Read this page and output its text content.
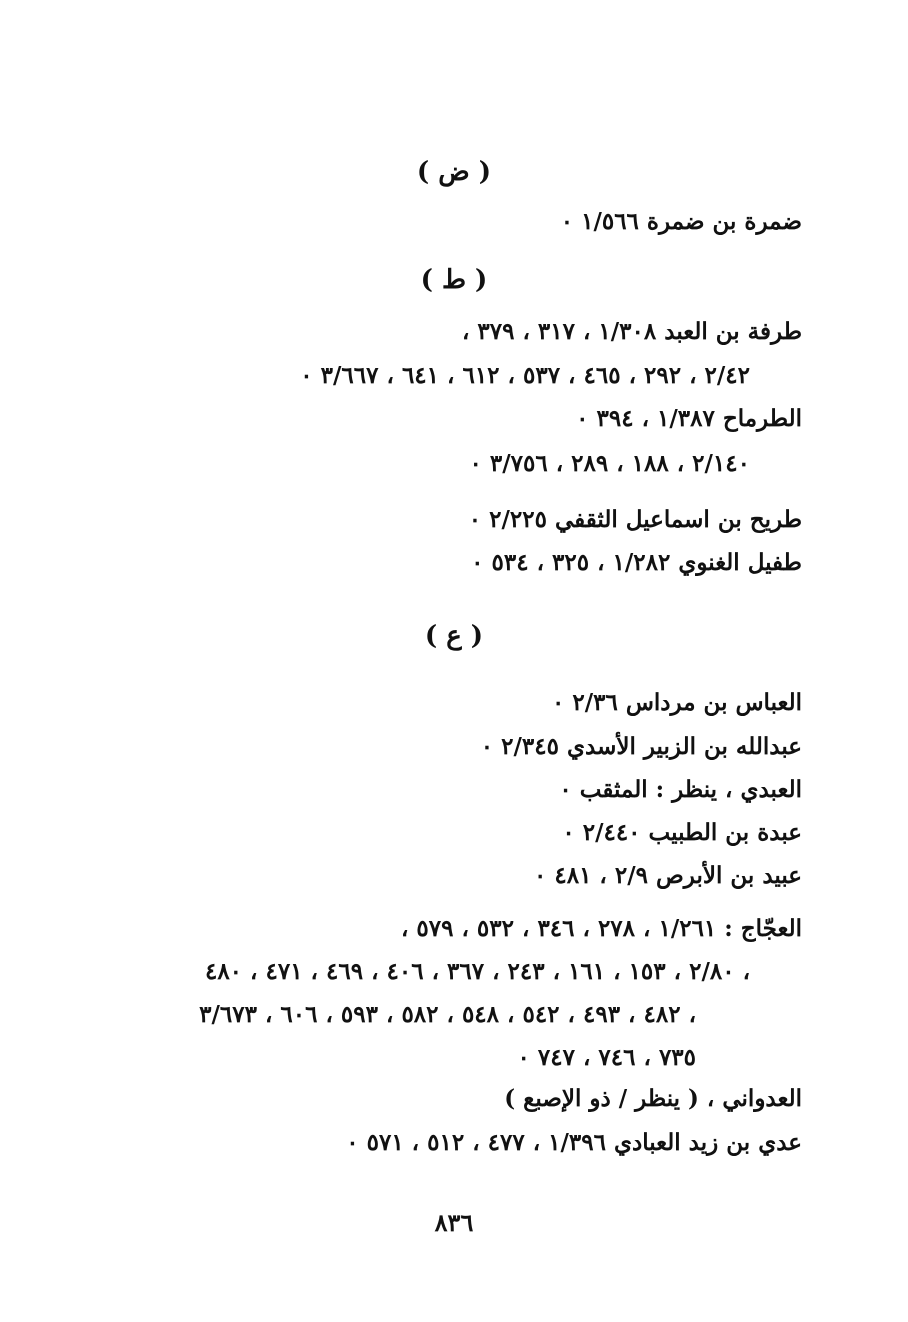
( ض )
ضمرة بن ضمرة ١/٥٦٦ ٠
( ط )
طرفة بن العبد ١/٣٠٨ ، ٣١٧ ، ٣٧٩ ،
٢/٤٢ ، ٢٩٢ ، ٤٦٥ ، ٥٣٧ ، ٦١٢ ، ٦٤١ ، ٣/٦٦٧ ٠
الطرماح ١/٣٨٧ ، ٣٩٤ ٠
٢/١٤٠ ، ١٨٨ ، ٢٨٩ ، ٣/٧٥٦ ٠
طريح بن اسماعيل الثقفي ٢/٢٢٥ ٠
طفيل الغنوي ١/٢٨٢ ، ٣٢٥ ، ٥٣٤ ٠
( ع )
العباس بن مرداس ٢/٣٦ ٠
عبدالله بن الزبير الأسدي ٢/٣٤٥ ٠
العبدي ، ينظر : المثقب ٠
عبدة بن الطبيب ٢/٤٤٠ ٠
عبيد بن الأبرص ٢/٩ ، ٤٨١ ٠
العجّاج : ١/٢٦١ ، ٢٧٨ ، ٣٤٦ ، ٥٣٢ ، ٥٧٩ ،
٢/٨٠ ، ١٥٣ ، ١٦١ ، ٢٤٣ ، ٣٦٧ ، ٤٠٦ ، ٤٦٩ ، ٤٧١ ، ٤٨٠ ،
٤٨٢ ، ٤٩٣ ، ٥٤٢ ، ٥٤٨ ، ٥٨٢ ، ٥٩٣ ، ٦٠٦ ، ٣/٦٧٣ ،
٧٣٥ ، ٧٤٦ ، ٧٤٧ ٠
العدواني ، ( ينظر / ذو الإصبع )
عدي بن زيد العبادي ١/٣٩٦ ، ٤٧٧ ، ٥١٢ ، ٥٧١ ٠
٨٣٦
